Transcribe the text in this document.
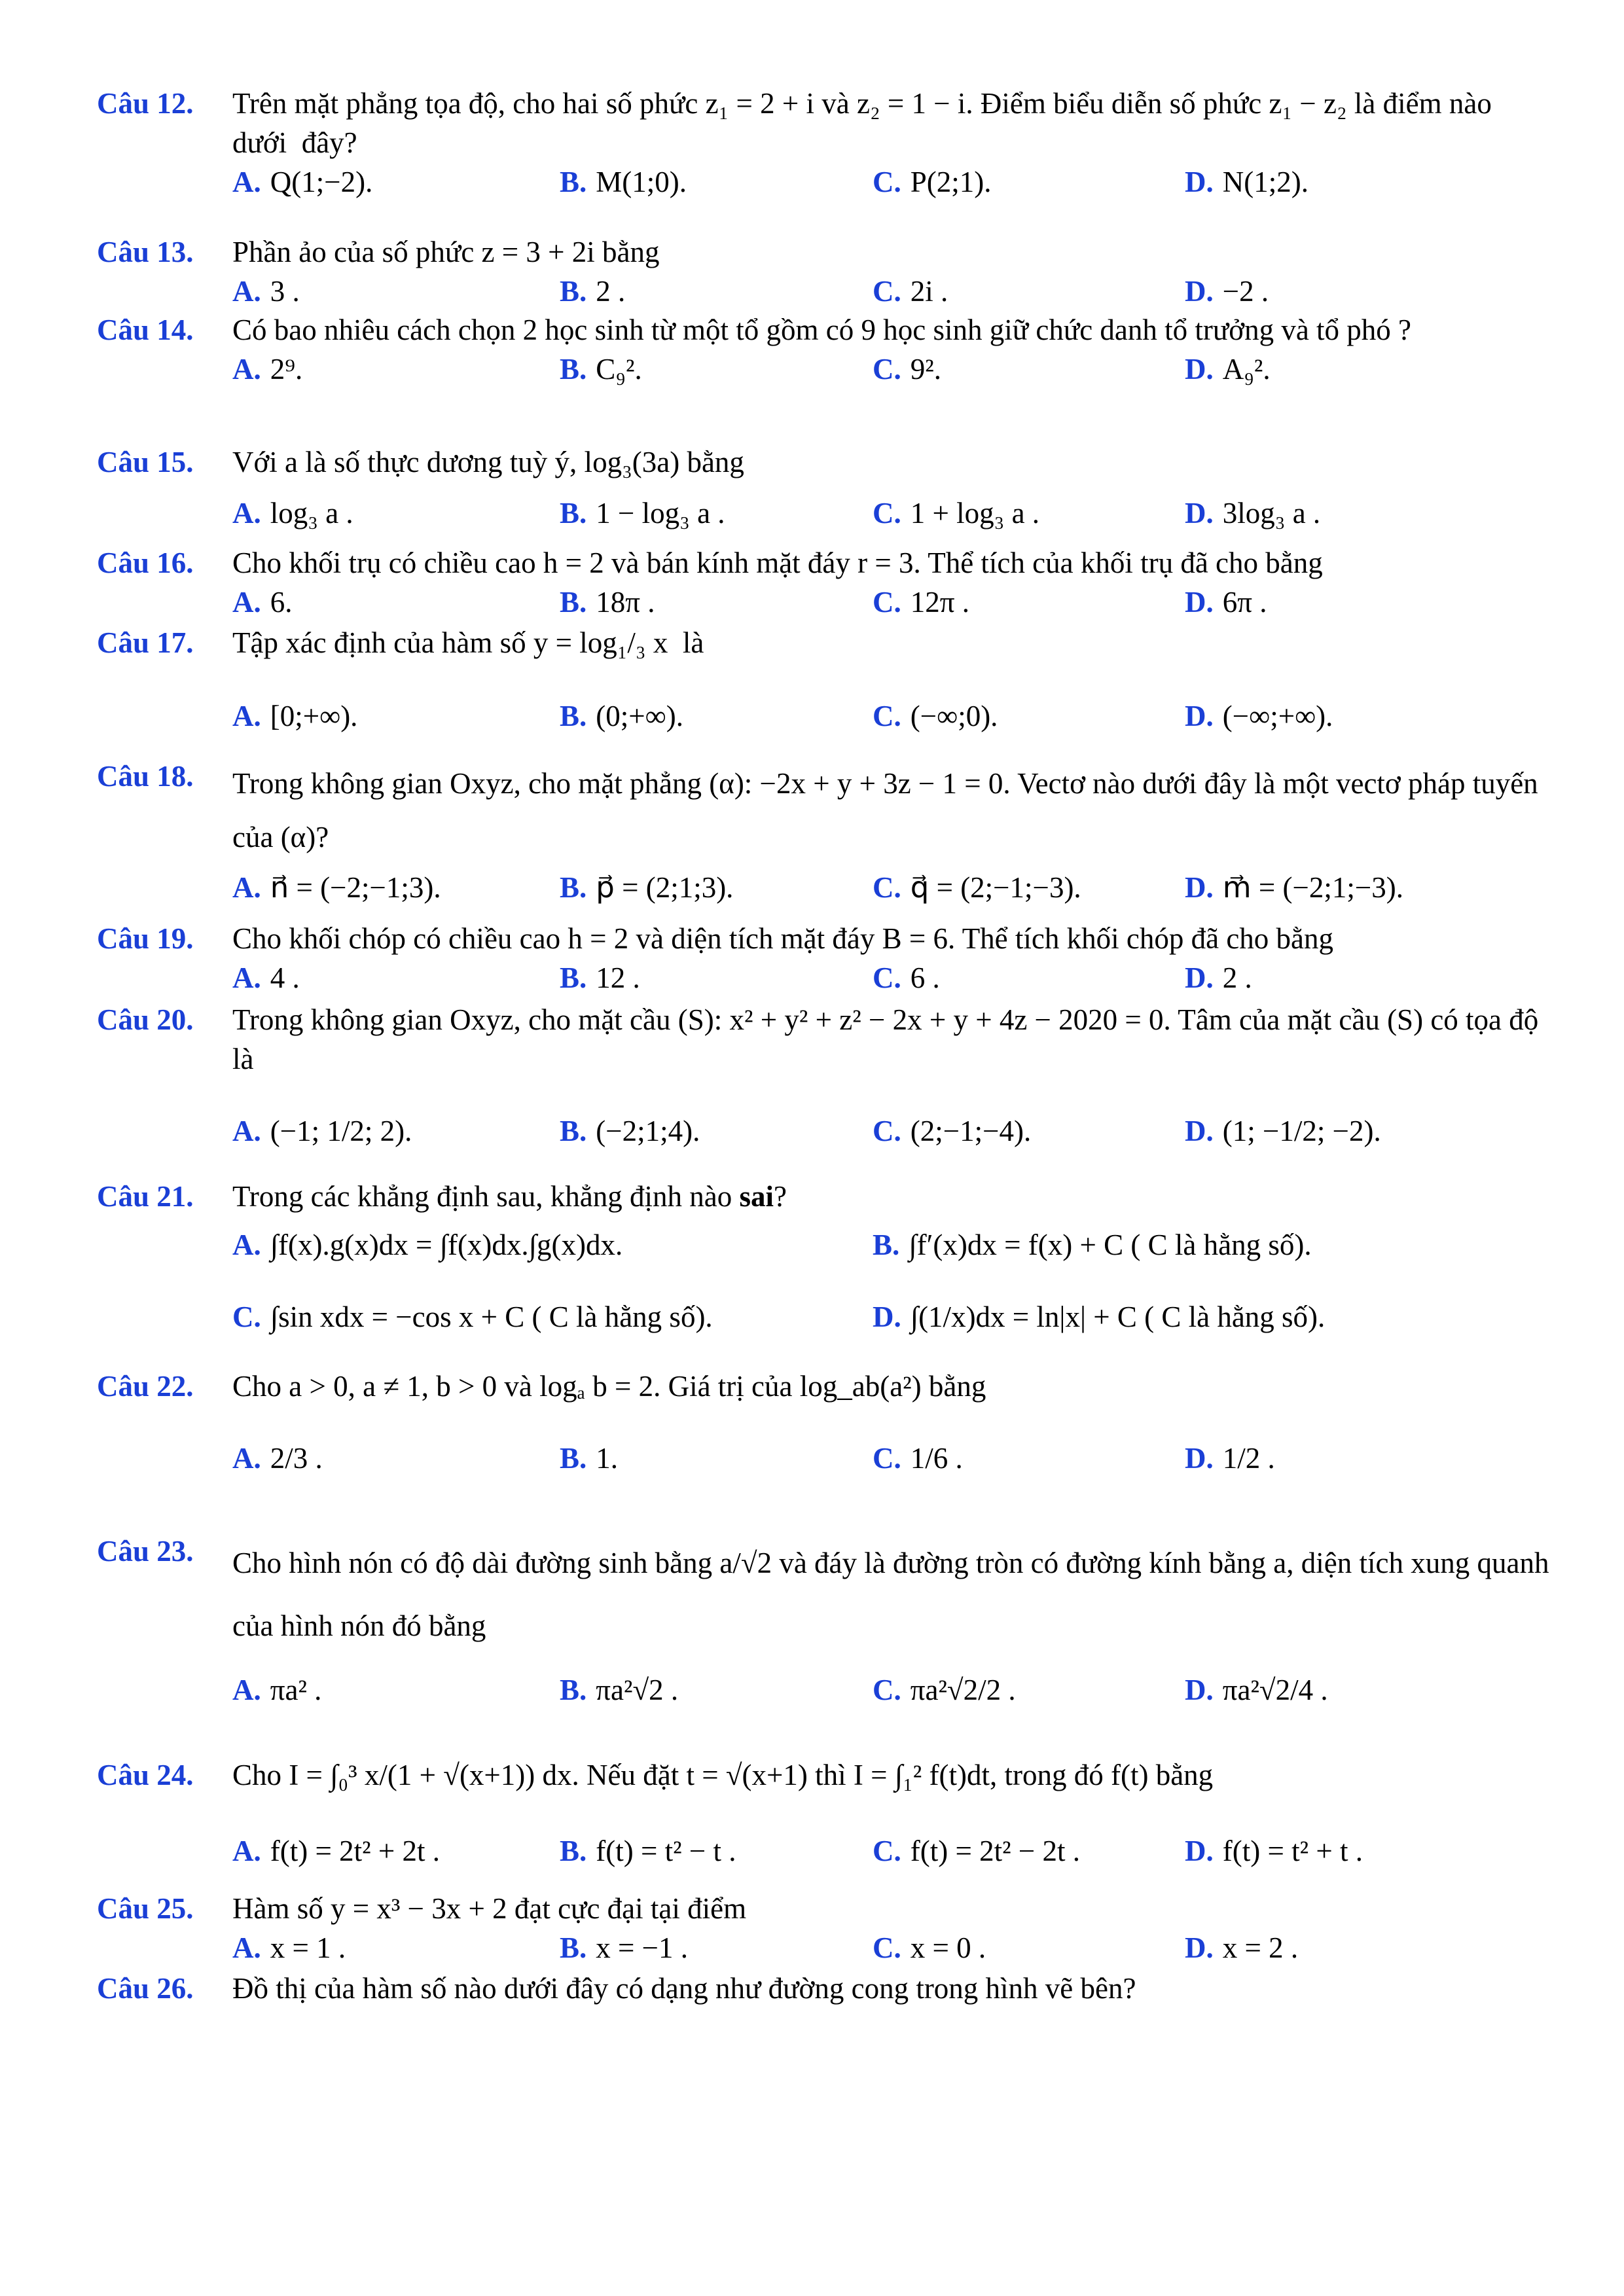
Câu 12. Trên mặt phẳng tọa độ, cho hai số phức z₁ = 2 + i và z₂ = 1 − i. Điểm biểu diễn số phức z₁ − z₂ là điểm nào dưới  đây?
A. Q(1;−2).	B. M(1;0).	C. P(2;1).	D. N(1;2).
Câu 13. Phần ảo của số phức z = 3 + 2i bằng
A. 3 .	B. 2 .	C. 2i .	D. −2 .
Câu 14. Có bao nhiêu cách chọn 2 học sinh từ một tổ gồm có 9 học sinh giữ chức danh tổ trưởng và tổ phó ?
A. 2⁹.	B. C₉².	C. 9².	D. A₉².
Câu 15. Với a là số thực dương tuỳ ý, log₃(3a) bằng
A. log₃ a .	B. 1 − log₃ a .	C. 1 + log₃ a .	D. 3log₃ a .
Câu 16. Cho khối trụ có chiều cao h = 2 và bán kính mặt đáy r = 3. Thể tích của khối trụ đã cho bằng
A. 6.	B. 18π .	C. 12π .	D. 6π .
Câu 17. Tập xác định của hàm số y = log₁/₃ x  là
A. [0;+∞).	B. (0;+∞).	C. (−∞;0).	D. (−∞;+∞).
Câu 18. Trong không gian Oxyz, cho mặt phẳng (α): −2x + y + 3z − 1 = 0. Vectơ nào dưới đây là một vectơ pháp tuyến của (α)?
A. n⃗ = (−2;−1;3).	B. p⃗ = (2;1;3).	C. q⃗ = (2;−1;−3).	D. m⃗ = (−2;1;−3).
Câu 19. Cho khối chóp có chiều cao h = 2 và diện tích mặt đáy B = 6. Thể tích khối chóp đã cho bằng
A. 4 .	B. 12 .	C. 6 .	D. 2 .
Câu 20. Trong không gian Oxyz, cho mặt cầu (S): x² + y² + z² − 2x + y + 4z − 2020 = 0. Tâm của mặt cầu (S) có tọa độ là
A. (−1; 1/2; 2).	B. (−2;1;4).	C. (2;−1;−4).	D. (1; −1/2; −2).
Câu 21. Trong các khẳng định sau, khẳng định nào sai?
A. ∫f(x).g(x)dx = ∫f(x)dx.∫g(x)dx.	B. ∫f′(x)dx = f(x) + C ( C là hằng số).
C. ∫sin xdx = −cos x + C ( C là hằng số).	D. ∫(1/x)dx = ln|x| + C ( C là hằng số).
Câu 22. Cho a > 0, a ≠ 1, b > 0 và logₐ b = 2. Giá trị của log_ab(a²) bằng
A. 2/3 .	B. 1.	C. 1/6 .	D. 1/2 .
Câu 23. Cho hình nón có độ dài đường sinh bằng a/√2 và đáy là đường tròn có đường kính bằng a, diện tích xung quanh của hình nón đó bằng
A. πa² .	B. πa²√2 .	C. πa²√2/2 .	D. πa²√2/4 .
Câu 24. Cho I = ∫₀³ x/(1 + √(x+1)) dx. Nếu đặt t = √(x+1) thì I = ∫₁² f(t)dt, trong đó f(t) bằng
A. f(t) = 2t² + 2t .	B. f(t) = t² − t .	C. f(t) = 2t² − 2t .	D. f(t) = t² + t .
Câu 25. Hàm số y = x³ − 3x + 2 đạt cực đại tại điểm
A. x = 1 .	B. x = −1 .	C. x = 0 .	D. x = 2 .
Câu 26. Đồ thị của hàm số nào dưới đây có dạng như đường cong trong hình vẽ bên?
